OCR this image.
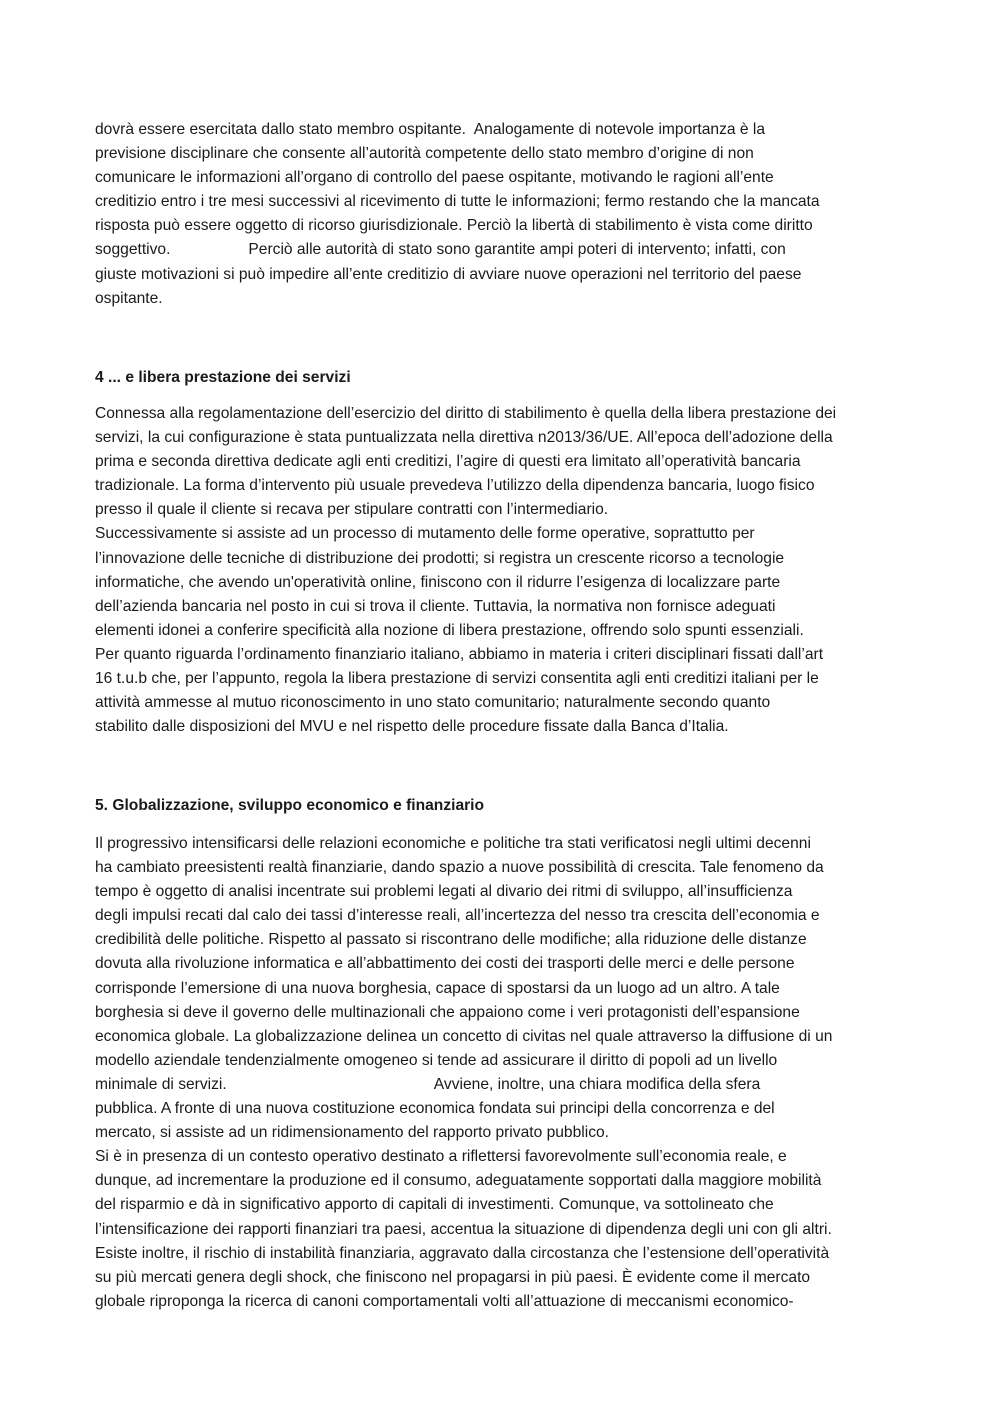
dovrà essere esercitata dallo stato membro ospitante.  Analogamente di notevole importanza è la
previsione disciplinare che consente all’autorità competente dello stato membro d’origine di non
comunicare le informazioni all’organo di controllo del paese ospitante, motivando le ragioni all’ente
creditizio entro i tre mesi successivi al ricevimento di tutte le informazioni; fermo restando che la mancata
risposta può essere oggetto di ricorso giurisdizionale. Perciò la libertà di stabilimento è vista come diritto
soggettivo.                  Perciò alle autorità di stato sono garantite ampi poteri di intervento; infatti, con
giuste motivazioni si può impedire all’ente creditizio di avviare nuove operazioni nel territorio del paese
ospitante.
4 ... e libera prestazione dei servizi
Connessa alla regolamentazione dell’esercizio del diritto di stabilimento è quella della libera prestazione dei
servizi, la cui configurazione è stata puntualizzata nella direttiva n2013/36/UE. All’epoca dell’adozione della
prima e seconda direttiva dedicate agli enti creditizi, l’agire di questi era limitato all’operatività bancaria
tradizionale. La forma d’intervento più usuale prevedeva l’utilizzo della dipendenza bancaria, luogo fisico
presso il quale il cliente si recava per stipulare contratti con l’intermediario.
Successivamente si assiste ad un processo di mutamento delle forme operative, soprattutto per
l’innovazione delle tecniche di distribuzione dei prodotti; si registra un crescente ricorso a tecnologie
informatiche, che avendo un'operatività online, finiscono con il ridurre l’esigenza di localizzare parte
dell’azienda bancaria nel posto in cui si trova il cliente. Tuttavia, la normativa non fornisce adeguati
elementi idonei a conferire specificità alla nozione di libera prestazione, offrendo solo spunti essenziali.
Per quanto riguarda l’ordinamento finanziario italiano, abbiamo in materia i criteri disciplinari fissati dall’art
16 t.u.b che, per l’appunto, regola la libera prestazione di servizi consentita agli enti creditizi italiani per le
attività ammesse al mutuo riconoscimento in uno stato comunitario; naturalmente secondo quanto
stabilito dalle disposizioni del MVU e nel rispetto delle procedure fissate dalla Banca d’Italia.
5. Globalizzazione, sviluppo economico e finanziario
Il progressivo intensificarsi delle relazioni economiche e politiche tra stati verificatosi negli ultimi decenni
ha cambiato preesistenti realtà finanziarie, dando spazio a nuove possibilità di crescita. Tale fenomeno da
tempo è oggetto di analisi incentrate sui problemi legati al divario dei ritmi di sviluppo, all’insufficienza
degli impulsi recati dal calo dei tassi d’interesse reali, all’incertezza del nesso tra crescita dell’economia e
credibilità delle politiche. Rispetto al passato si riscontrano delle modifiche; alla riduzione delle distanze
dovuta alla rivoluzione informatica e all’abbattimento dei costi dei trasporti delle merci e delle persone
corrisponde l’emersione di una nuova borghesia, capace di spostarsi da un luogo ad un altro. A tale
borghesia si deve il governo delle multinazionali che appaiono come i veri protagonisti dell’espansione
economica globale. La globalizzazione delinea un concetto di civitas nel quale attraverso la diffusione di un
modello aziendale tendenzialmente omogeneo si tende ad assicurare il diritto di popoli ad un livello
minimale di servizi.                                                Avviene, inoltre, una chiara modifica della sfera
pubblica. A fronte di una nuova costituzione economica fondata sui principi della concorrenza e del
mercato, si assiste ad un ridimensionamento del rapporto privato pubblico.
Si è in presenza di un contesto operativo destinato a riflettersi favorevolmente sull’economia reale, e
dunque, ad incrementare la produzione ed il consumo, adeguatamente sopportati dalla maggiore mobilità
del risparmio e dà in significativo apporto di capitali di investimenti. Comunque, va sottolineato che
l’intensificazione dei rapporti finanziari tra paesi, accentua la situazione di dipendenza degli uni con gli altri.
Esiste inoltre, il rischio di instabilità finanziaria, aggravato dalla circostanza che l’estensione dell’operatività
su più mercati genera degli shock, che finiscono nel propagarsi in più paesi. È evidente come il mercato
globale riproponga la ricerca di canoni comportamentali volti all’attuazione di meccanismi economico-
